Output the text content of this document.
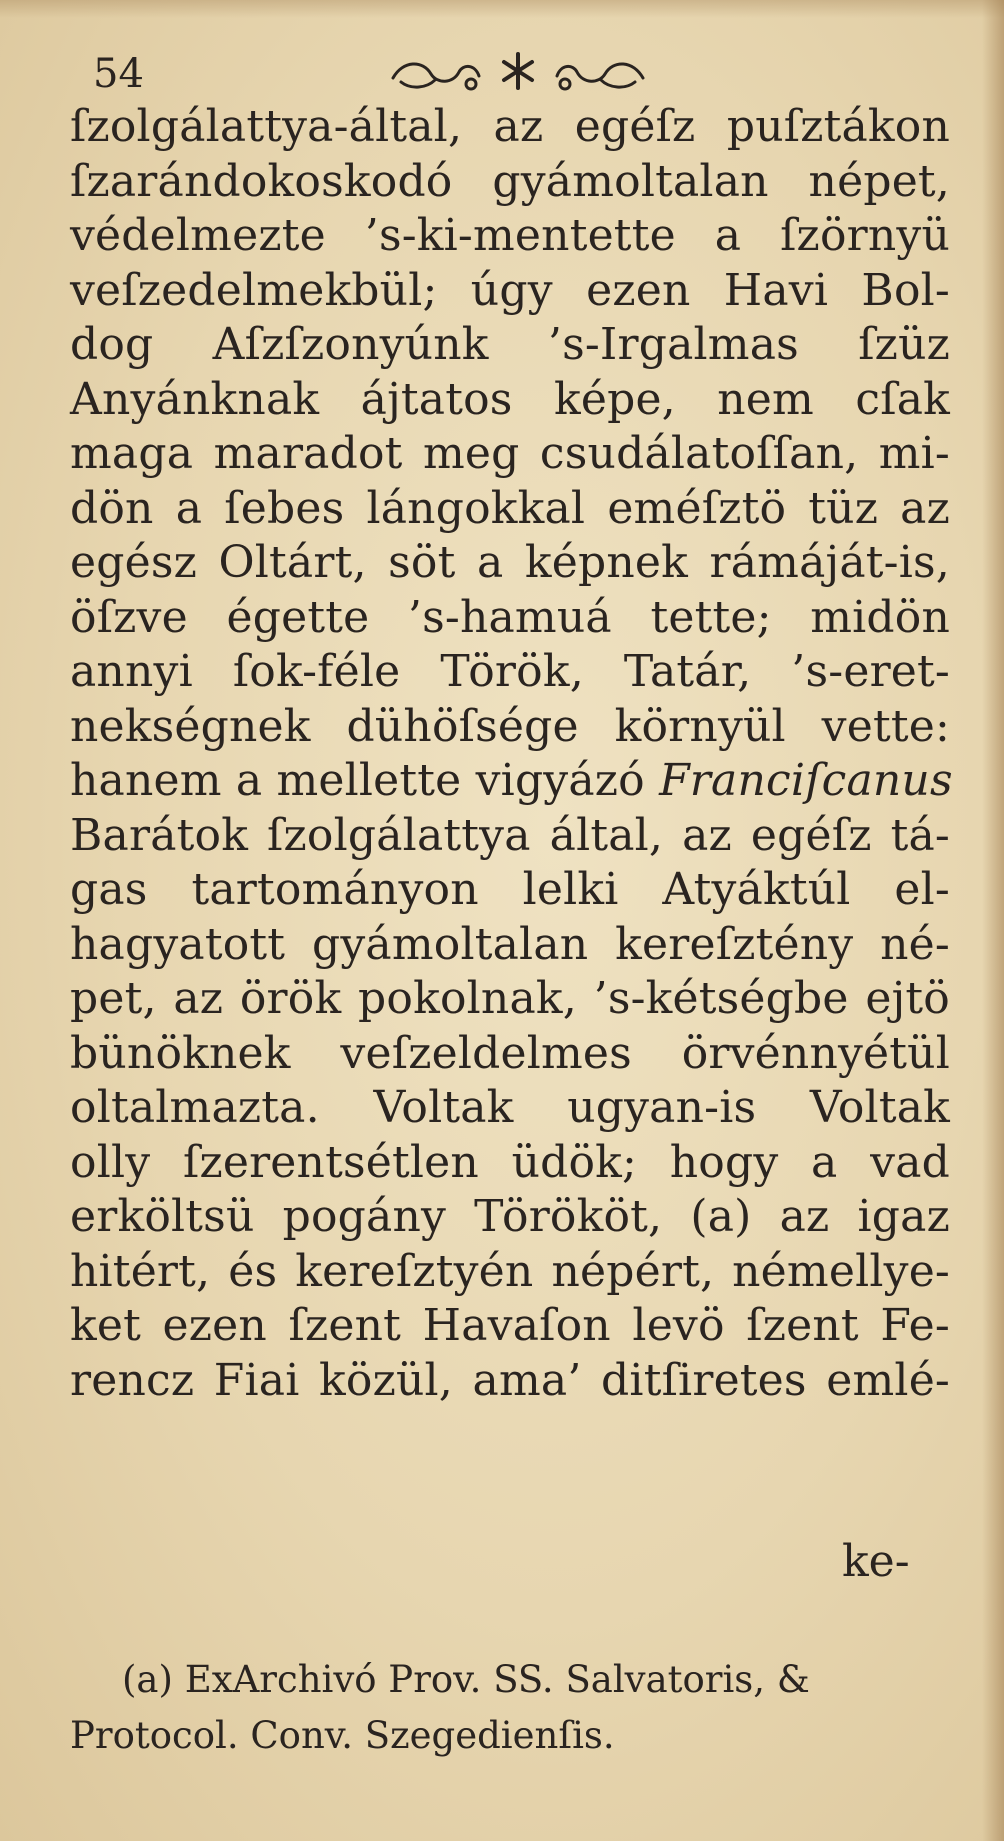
54
ſzolgálattya-által, az egéſz puſztákon
ſzarándokoskodó gyámoltalan népet,
védelmezte ’s-ki-mentette a ſzörnyü
veſzedelmekbül; úgy ezen Havi Bol-
dog Aſzſzonyúnk ’s-Irgalmas ſzüz
Anyánknak ájtatos képe, nem cſak
maga maradot meg csudálatoſſan, mi-
dön a ſebes lángokkal eméſztö tüz az
egész Oltárt, söt a képnek rámáját-is,
öſzve égette ’s-hamuá tette; midön
annyi ſok-féle Török, Tatár, ’s-eret-
nekségnek dühöſsége környül vette:
hanem a mellette vigyázó Franciſcanus
Barátok ſzolgálattya által, az egéſz tá-
gas tartományon lelki Atyáktúl el-
hagyatott gyámoltalan kereſztény né-
pet, az örök pokolnak, ’s-kétségbe ejtö
bünöknek veſzeldelmes örvénnyétül
oltalmazta. Voltak ugyan-is Voltak
olly ſzerentsétlen üdök; hogy a vad
erköltsü pogány Törököt, (a) az igaz
hitért, és kereſztyén népért, némellye-
ket ezen ſzent Havaſon levö ſzent Fe-
rencz Fiai közül, ama’ ditſiretes emlé-
ke-
(a) ExArchivó Prov. SS. Salvatoris, &
Protocol. Conv. Szegedienſis.
